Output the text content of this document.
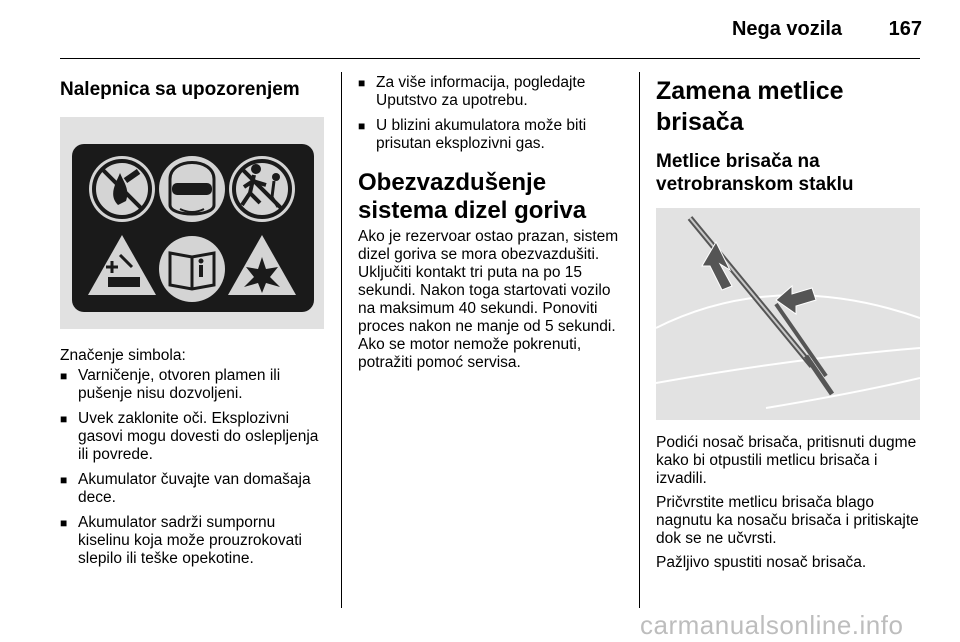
Nega vozila 167
Nalepnica sa upozorenjem

Značenje simbola:

■ Varničenje, otvoren plamen ili pušenje nisu dozvoljeni.
■ Uvek zaklonite oči. Eksplozivni gasovi mogu dovesti do oslepljenja ili povrede.
■ Akumulator čuvajte van domašaja dece.
■ Akumulator sadrži sumpornu kiselinu koja može prouzrokovati slepilo ili teške opekotine.
■ Za više informacija, pogledajte Uputstvo za upotrebu.
■ U blizini akumulatora može biti prisutan eksplozivni gas.
Obezvazdušenje sistema dizel goriva

Ako je rezervoar ostao prazan, sistem dizel goriva se mora obezvazdušiti. Uključiti kontakt tri puta na po 15 sekundi. Nakon toga startovati vozilo na maksimum 40 sekundi. Ponoviti proces nakon ne manje od 5 sekundi. Ako se motor nemože pokrenuti, potražiti pomoć servisa.

Zamena metlice brisača
Metlice brisača na vetrobranskom staklu

Podići nosač brisača, pritisnuti dugme kako bi otpustili metlicu brisača i izvadili.

Pričvrstite metlicu brisača blago nagnutu ka nosaču brisača i pritiskajte dok se ne učvrsti.

Pažljivo spustiti nosač brisača.

carmanualsonline.info
